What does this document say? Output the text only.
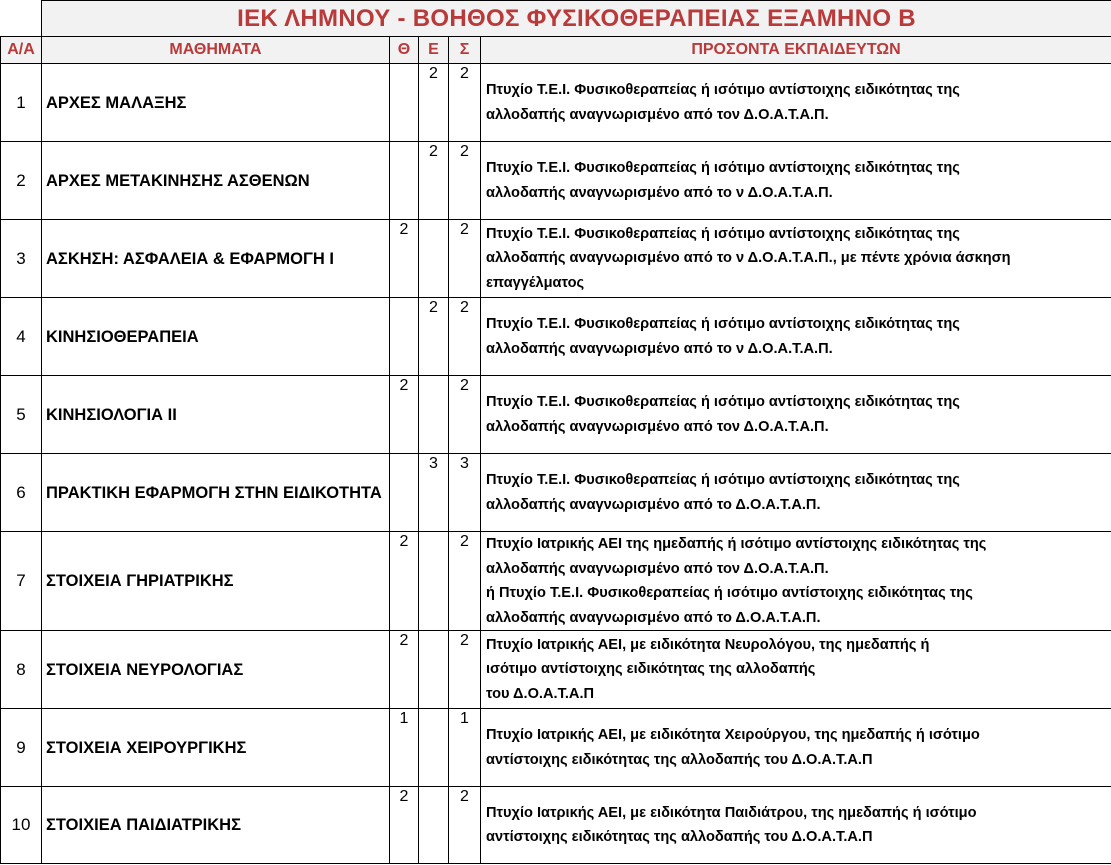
	ΙΕΚ ΛΗΜΝΟΥ - ΒΟΗΘΟΣ ΦΥΣΙΚΟΘΕΡΑΠΕΙΑΣ ΕΞΑΜΗΝΟ Β				
Α/Α	ΜΑΘΗΜΑΤΑ	Θ	Ε	Σ	ΠΡΟΣΟΝΤΑ ΕΚΠΑΙΔΕΥΤΩΝ
1	ΑΡΧΕΣ ΜΑΛΑΞΗΣ		2	2	Πτυχίο Τ.Ε.Ι. Φυσικοθεραπείας ή ισότιμο αντίστοιχης ειδικότητας της
αλλοδαπής αναγνωρισμένο από τον Δ.Ο.Α.Τ.Α.Π.

2	ΑΡΧΕΣ ΜΕΤΑΚΙΝΗΣΗΣ ΑΣΘΕΝΩΝ		2	2	Πτυχίο Τ.Ε.Ι. Φυσικοθεραπείας ή ισότιμο αντίστοιχης ειδικότητας της
αλλοδαπής αναγνωρισμένο από το ν Δ.Ο.Α.Τ.Α.Π.

3	ΑΣΚΗΣΗ: ΑΣΦΑΛΕΙΑ & ΕΦΑΡΜΟΓΗ Ι	2		2	Πτυχίο Τ.Ε.Ι. Φυσικοθεραπείας ή ισότιμο αντίστοιχης ειδικότητας της
αλλοδαπής αναγνωρισμένο από το ν Δ.Ο.Α.Τ.Α.Π., με πέντε χρόνια άσκηση
επαγγέλματος

4	ΚΙΝΗΣΙΟΘΕΡΑΠΕΙΑ		2	2	Πτυχίο Τ.Ε.Ι. Φυσικοθεραπείας ή ισότιμο αντίστοιχης ειδικότητας της
αλλοδαπής αναγνωρισμένο από το ν Δ.Ο.Α.Τ.Α.Π.

5	ΚΙΝΗΣΙΟΛΟΓΙΑ ΙΙ	2		2	Πτυχίο Τ.Ε.Ι. Φυσικοθεραπείας ή ισότιμο αντίστοιχης ειδικότητας της
αλλοδαπής αναγνωρισμένο από τον Δ.Ο.Α.Τ.Α.Π.

6	ΠΡΑΚΤΙΚΗ ΕΦΑΡΜΟΓΗ ΣΤΗΝ ΕΙΔΙΚΟΤΗΤΑ		3	3	Πτυχίο Τ.Ε.Ι. Φυσικοθεραπείας ή ισότιμο αντίστοιχης ειδικότητας της
αλλοδαπής αναγνωρισμένο από το Δ.Ο.Α.Τ.Α.Π.

7	ΣΤΟΙΧΕΙΑ ΓΗΡΙΑΤΡΙΚΗΣ	2		2	Πτυχίο Ιατρικής ΑΕΙ της ημεδαπής ή ισότιμο αντίστοιχης ειδικότητας της
αλλοδαπής αναγνωρισμένο από τον Δ.Ο.Α.Τ.Α.Π.
ή Πτυχίο Τ.Ε.Ι. Φυσικοθεραπείας ή ισότιμο αντίστοιχης ειδικότητας της
αλλοδαπής αναγνωρισμένο από το Δ.Ο.Α.Τ.Α.Π.

8	ΣΤΟΙΧΕΙΑ ΝΕΥΡΟΛΟΓΙΑΣ	2		2	Πτυχίο Ιατρικής ΑΕΙ, με ειδικότητα Νευρολόγου, της ημεδαπής ή
ισότιμο αντίστοιχης ειδικότητας της αλλοδαπής
του Δ.Ο.Α.Τ.Α.Π

9	ΣΤΟΙΧΕΙΑ ΧΕΙΡΟΥΡΓΙΚΗΣ	1		1	Πτυχίο Ιατρικής ΑΕΙ, με ειδικότητα Χειρούργου, της ημεδαπής ή ισότιμο
αντίστοιχης ειδικότητας της αλλοδαπής του Δ.Ο.Α.Τ.Α.Π

10	ΣΤΟΙΧΙΕΑ ΠΑΙΔΙΑΤΡΙΚΗΣ	2		2	Πτυχίο Ιατρικής ΑΕΙ, με ειδικότητα Παιδιάτρου, της ημεδαπής ή ισότιμο
αντίστοιχης ειδικότητας της αλλοδαπής του Δ.Ο.Α.Τ.Α.Π
